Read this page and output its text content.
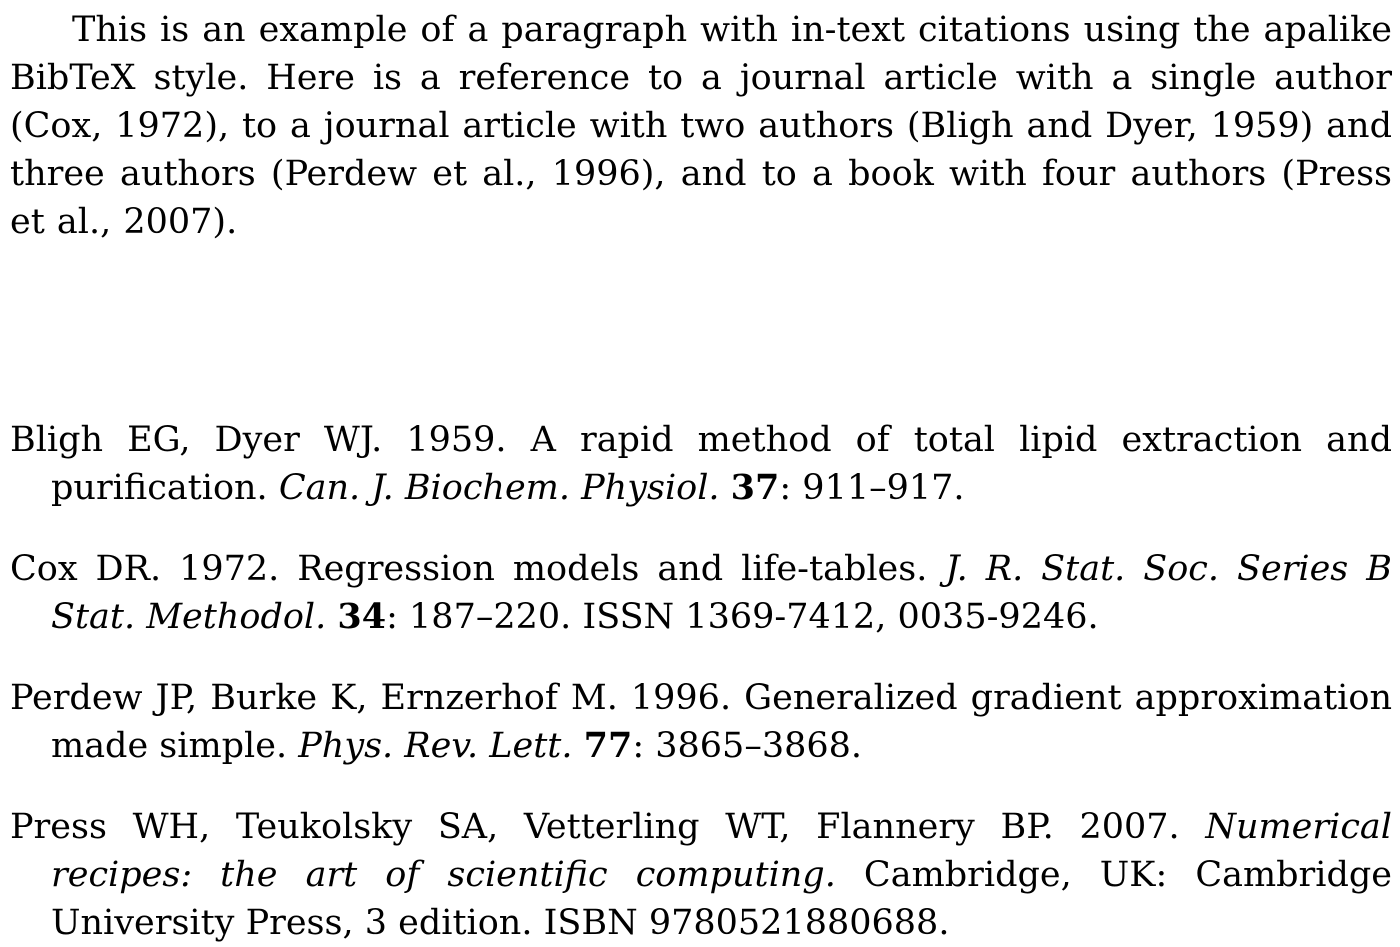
This is an example of a paragraph with in-text citations using the apalike BibTeX style. Here is a reference to a journal article with a single author (Cox, 1972), to a journal article with two authors (Bligh and Dyer, 1959) and three authors (Perdew et al., 1996), and to a book with four authors (Press et al., 2007).

Bligh EG, Dyer WJ. 1959. A rapid method of total lipid extraction and purification. Can. J. Biochem. Physiol. 37: 911–917.
Cox DR. 1972. Regression models and life-tables. J. R. Stat. Soc. Series B Stat. Methodol. 34: 187–220. ISSN 1369-7412, 0035-9246.
Perdew JP, Burke K, Ernzerhof M. 1996. Generalized gradient approximation made simple. Phys. Rev. Lett. 77: 3865–3868.
Press WH, Teukolsky SA, Vetterling WT, Flannery BP. 2007. Numerical recipes: the art of scientific computing. Cambridge, UK: Cambridge University Press, 3 edition. ISBN 9780521880688.
